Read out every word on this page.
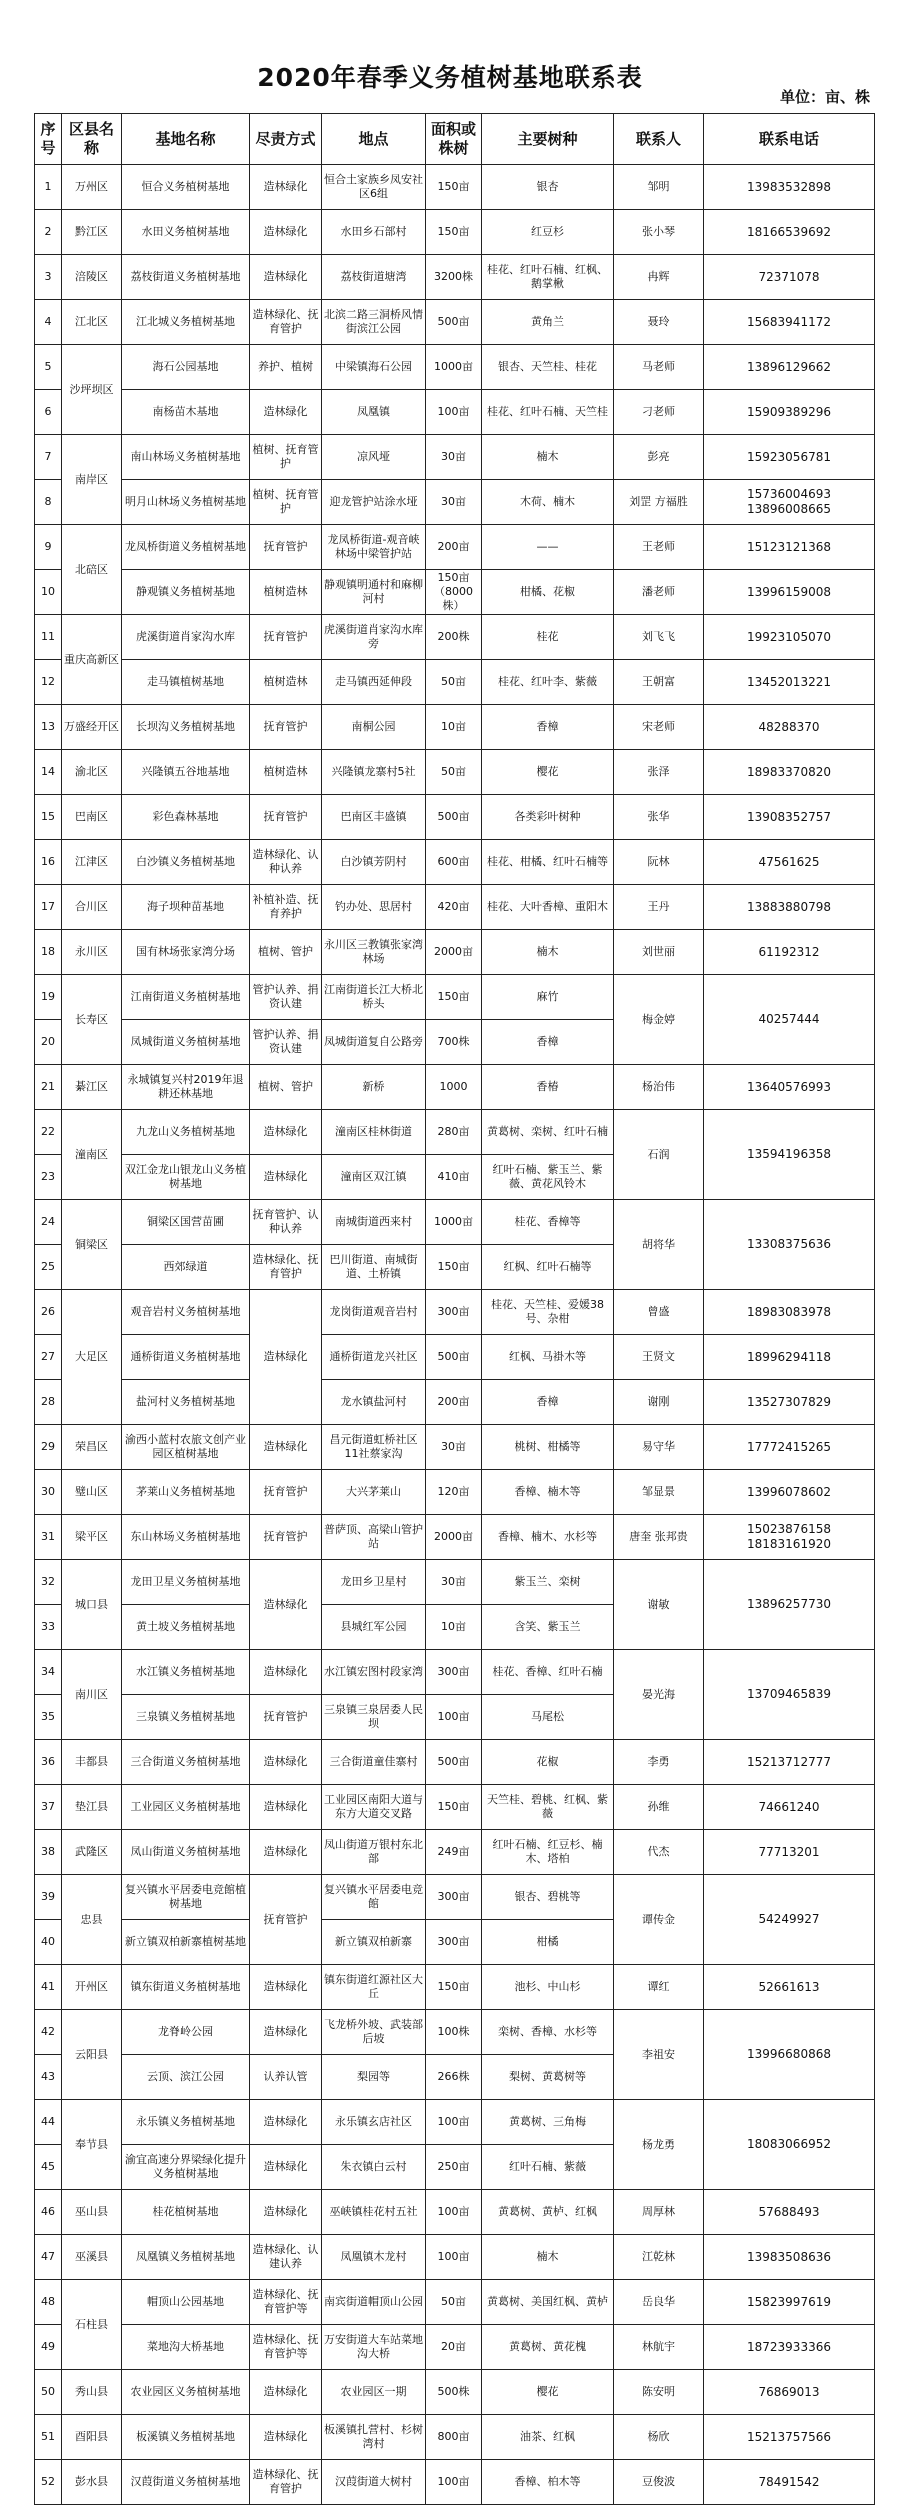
2020年春季义务植树基地联系表
单位：亩、株
序号	区县名称	基地名称	尽责方式	地点	面积或株树	主要树种	联系人	联系电话
1	万州区	恒合义务植树基地	造林绿化	恒合土家族乡凤安社区6组	150亩	银杏	邹明	13983532898
2	黔江区	水田义务植树基地	造林绿化	水田乡石部村	150亩	红豆杉	张小琴	18166539692
3	涪陵区	荔枝街道义务植树基地	造林绿化	荔枝街道塘湾	3200株	桂花、红叶石楠、红枫、鹅掌楸	冉辉	72371078
4	江北区	江北城义务植树基地	造林绿化、抚育管护	北滨二路三洞桥风情街滨江公园	500亩	黄角兰	聂玲	15683941172
5	沙坪坝区	海石公园基地	养护、植树	中梁镇海石公园	1000亩	银杏、天竺桂、桂花	马老师	13896129662
6		南杨苗木基地	造林绿化	凤凰镇	100亩	桂花、红叶石楠、天竺桂	刁老师	15909389296
7	南岸区	南山林场义务植树基地	植树、抚育管护	凉风垭	30亩	楠木	彭亮	15923056781
8		明月山林场义务植树基地	植树、抚育管护	迎龙管护站涂水垭	30亩	木荷、楠木	刘罡 方福胜	15736004693 13896008665
9	北碚区	龙凤桥街道义务植树基地	抚育管护	龙凤桥街道-观音峡林场中梁管护站	200亩	——	王老师	15123121368
10		静观镇义务植树基地	植树造林	静观镇明通村和麻柳河村	150亩（8000株）	柑橘、花椒	潘老师	13996159008
11	重庆高新区	虎溪街道肖家沟水库	抚育管护	虎溪街道肖家沟水库旁	200株	桂花	刘飞飞	19923105070
12		走马镇植树基地	植树造林	走马镇西延伸段	50亩	桂花、红叶李、紫薇	王朝富	13452013221
13	万盛经开区	长坝沟义务植树基地	抚育管护	南桐公园	10亩	香樟	宋老师	48288370
14	渝北区	兴隆镇五谷地基地	植树造林	兴隆镇龙寨村5社	50亩	樱花	张泽	18983370820
15	巴南区	彩色森林基地	抚育管护	巴南区丰盛镇	500亩	各类彩叶树种	张华	13908352757
16	江津区	白沙镇义务植树基地	造林绿化、认种认养	白沙镇芳阴村	600亩	桂花、柑橘、红叶石楠等	阮林	47561625
17	合川区	海子坝种苗基地	补植补造、抚育养护	钓办处、思居村	420亩	桂花、大叶香樟、重阳木	王丹	13883880798
18	永川区	国有林场张家湾分场	植树、管护	永川区三教镇张家湾林场	2000亩	楠木	刘世丽	61192312
19	长寿区	江南街道义务植树基地	管护认养、捐资认建	江南街道长江大桥北桥头	150亩	麻竹	梅金婷	40257444
20		凤城街道义务植树基地	管护认养、捐资认建	凤城街道复自公路旁	700株	香樟		
21	綦江区	永城镇复兴村2019年退耕还林基地	植树、管护	新桥	1000	香椿	杨治伟	13640576993
22	潼南区	九龙山义务植树基地	造林绿化	潼南区桂林街道	280亩	黄葛树、栾树、红叶石楠	石润	13594196358
23		双江金龙山银龙山义务植树基地	造林绿化	潼南区双江镇	410亩	红叶石楠、紫玉兰、紫薇、黄花风铃木		
24	铜梁区	铜梁区国营苗圃	抚育管护、认种认养	南城街道西来村	1000亩	桂花、香樟等	胡将华	13308375636
25		西郊绿道	造林绿化、抚育管护	巴川街道、南城街道、土桥镇	150亩	红枫、红叶石楠等		
26	大足区	观音岩村义务植树基地	造林绿化	龙岗街道观音岩村	300亩	桂花、天竺桂、爱媛38号、杂柑	曾盛	18983083978
27		通桥街道义务植树基地		通桥街道龙兴社区	500亩	红枫、马褂木等	王贤文	18996294118
28		盐河村义务植树基地		龙水镇盐河村	200亩	香樟	谢刚	13527307829
29	荣昌区	渝西小蓝村农旅文创产业园区植树基地	造林绿化	昌元街道虹桥社区11社蔡家沟	30亩	桃树、柑橘等	易守华	17772415265
30	璧山区	茅莱山义务植树基地	抚育管护	大兴茅莱山	120亩	香樟、楠木等	邹显景	13996078602
31	梁平区	东山林场义务植树基地	抚育管护	普萨顶、高梁山管护站	2000亩	香樟、楠木、水杉等	唐奎 张邦贵	15023876158 18183161920
32	城口县	龙田卫星义务植树基地	造林绿化	龙田乡卫星村	30亩	紫玉兰、栾树	谢敏	13896257730
33		黄土坡义务植树基地		县城红军公园	10亩	含笑、紫玉兰		
34	南川区	水江镇义务植树基地	造林绿化	水江镇宏图村段家湾	300亩	桂花、香樟、红叶石楠	晏光海	13709465839
35		三泉镇义务植树基地	抚育管护	三泉镇三泉居委人民坝	100亩	马尾松		
36	丰都县	三合街道义务植树基地	造林绿化	三合街道童佳寨村	500亩	花椒	李勇	15213712777
37	垫江县	工业园区义务植树基地	造林绿化	工业园区南阳大道与东方大道交叉路	150亩	天竺桂、碧桃、红枫、紫薇	孙维	74661240
38	武隆区	凤山街道义务植树基地	造林绿化	凤山街道万银村东北部	249亩	红叶石楠、红豆杉、楠木、塔柏	代杰	77713201
39	忠县	复兴镇水平居委电竞館植树基地	抚育管护	复兴镇水平居委电竞館	300亩	银杏、碧桃等	谭传金	54249927
40		新立镇双柏新寨植树基地		新立镇双柏新寨	300亩	柑橘		
41	开州区	镇东街道义务植树基地	造林绿化	镇东街道红源社区大丘	150亩	池杉、中山杉	谭红	52661613
42	云阳县	龙脊岭公园	造林绿化	飞龙桥外坡、武装部后坡	100株	栾树、香樟、水杉等	李祖安	13996680868
43		云顶、滨江公园	认养认管	梨园等	266株	梨树、黄葛树等		
44	奉节县	永乐镇义务植树基地	造林绿化	永乐镇玄店社区	100亩	黄葛树、三角梅	杨龙勇	18083066952
45		渝宜高速分界梁绿化提升义务植树基地	造林绿化	朱衣镇白云村	250亩	红叶石楠、紫薇		
46	巫山县	桂花植树基地	造林绿化	巫峡镇桂花村五社	100亩	黄葛树、黄栌、红枫	周厚林	57688493
47	巫溪县	凤凰镇义务植树基地	造林绿化、认建认养	凤凰镇木龙村	100亩	楠木	江乾林	13983508636
48	石柱县	帽顶山公园基地	造林绿化、抚育管护等	南宾街道帽顶山公园	50亩	黄葛树、美国红枫、黄栌	岳良华	15823997619
49		菜地沟大桥基地	造林绿化、抚育管护等	万安街道大车站菜地沟大桥	20亩	黄葛树、黄花槐	林航宇	18723933366
50	秀山县	农业园区义务植树基地	造林绿化	农业园区一期	500株	樱花	陈安明	76869013
51	酉阳县	板溪镇义务植树基地	造林绿化	板溪镇扎营村、杉树湾村	800亩	油茶、红枫	杨欣	15213757566
52	彭水县	汉葭街道义务植树基地	造林绿化、抚育管护	汉葭街道大树村	100亩	香樟、柏木等	豆俊波	78491542
